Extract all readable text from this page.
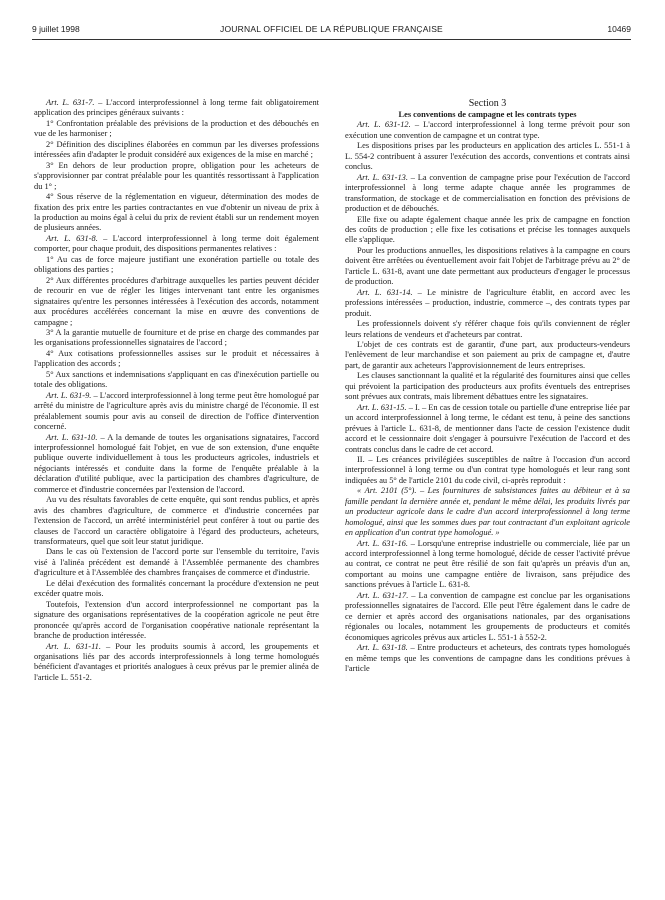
9 juillet 1998	JOURNAL OFFICIEL DE LA RÉPUBLIQUE FRANÇAISE	10469

Art. L. 631-7. – L'accord interprofessionnel à long terme fait obligatoirement application des principes généraux suivants :

1° Confrontation préalable des prévisions de la production et des débouchés en vue de les harmoniser ;

2° Définition des disciplines élaborées en commun par les diverses professions intéressées afin d'adapter le produit considéré aux exigences de la mise en marché ;

3° En dehors de leur production propre, obligation pour les acheteurs de s'approvisionner par contrat préalable pour les quantités ressortissant à l'application du 1° ;

4° Sous réserve de la réglementation en vigueur, détermination des modes de fixation des prix entre les parties contractantes en vue d'obtenir un niveau de prix à la production au moins égal à celui du prix de revient établi sur un rendement moyen de plusieurs années.

Art. L. 631-8. – L'accord interprofessionnel à long terme doit également comporter, pour chaque produit, des dispositions permanentes relatives :

1° Au cas de force majeure justifiant une exonération partielle ou totale des obligations des parties ;

2° Aux différentes procédures d'arbitrage auxquelles les parties peuvent décider de recourir en vue de régler les litiges intervenant tant entre les organismes signataires qu'entre les personnes intéressées à l'exécution des accords, notamment aux procédures accélérées concernant la mise en œuvre des conventions de campagne ;

3° A la garantie mutuelle de fourniture et de prise en charge des commandes par les organisations professionnelles signataires de l'accord ;

4° Aux cotisations professionnelles assises sur le produit et nécessaires à l'application des accords ;

5° Aux sanctions et indemnisations s'appliquant en cas d'inexécution partielle ou totale des obligations.

Art. L. 631-9. – L'accord interprofessionnel à long terme peut être homologué par arrêté du ministre de l'agriculture après avis du ministre chargé de l'économie. Il est préalablement soumis pour avis au conseil de direction de l'office d'intervention concerné.

Art. L. 631-10. – A la demande de toutes les organisations signataires, l'accord interprofessionnel homologué fait l'objet, en vue de son extension, d'une enquête publique ouverte individuellement à tous les producteurs agricoles, industriels et négociants intéressés et conduite dans la forme de l'enquête préalable à la déclaration d'utilité publique, avec la participation des chambres d'agriculture, de commerce et d'industrie concernées par l'extension de l'accord.

Au vu des résultats favorables de cette enquête, qui sont rendus publics, et après avis des chambres d'agriculture, de commerce et d'industrie concernées par l'extension de l'accord, un arrêté interministériel peut conférer à tout ou partie des clauses de l'accord un caractère obligatoire à l'égard des producteurs, acheteurs, transformateurs, quel que soit leur statut juridique.

Dans le cas où l'extension de l'accord porte sur l'ensemble du territoire, l'avis visé à l'alinéa précédent est demandé à l'Assemblée permanente des chambres d'agriculture et à l'Assemblée des chambres françaises de commerce et d'industrie.

Le délai d'exécution des formalités concernant la procédure d'extension ne peut excéder quatre mois.

Toutefois, l'extension d'un accord interprofessionnel ne comportant pas la signature des organisations représentatives de la coopération agricole ne peut être prononcée qu'après accord de l'organisation coopérative nationale représentant la branche de production intéressée.

Art. L. 631-11. – Pour les produits soumis à accord, les groupements et organisations liés par des accords interprofessionnels à long terme homologués bénéficient d'avantages et priorités analogues à ceux prévus par le premier alinéa de l'article L. 551-2.

Section 3

Les conventions de campagne et les contrats types

Art. L. 631-12. – L'accord interprofessionnel à long terme prévoit pour son exécution une convention de campagne et un contrat type.

Les dispositions prises par les producteurs en application des articles L. 551-1 à L. 554-2 contribuent à assurer l'exécution des accords, conventions et contrats ainsi conclus.

Art. L. 631-13. – La convention de campagne prise pour l'exécution de l'accord interprofessionnel à long terme adapte chaque année les programmes de transformation, de stockage et de commercialisation en fonction des prévisions de production et de débouchés.

Elle fixe ou adapte également chaque année les prix de campagne en fonction des coûts de production ; elle fixe les cotisations et précise les tonnages auxquels elle s'applique.

Pour les productions annuelles, les dispositions relatives à la campagne en cours doivent être arrêtées ou éventuellement avoir fait l'objet de l'arbitrage prévu au 2° de l'article L. 631-8, avant une date permettant aux producteurs d'engager le processus de production.

Art. L. 631-14. – Le ministre de l'agriculture établit, en accord avec les professions intéressées – production, industrie, commerce –, des contrats types par produit.

Les professionnels doivent s'y référer chaque fois qu'ils conviennent de régler leurs relations de vendeurs et d'acheteurs par contrat.

L'objet de ces contrats est de garantir, d'une part, aux producteurs-vendeurs l'enlèvement de leur marchandise et son paiement au prix de campagne et, d'autre part, de garantir aux acheteurs l'approvisionnement de leurs entreprises.

Les clauses sanctionnant la qualité et la régularité des fournitures ainsi que celles qui prévoient la participation des producteurs aux profits éventuels des entreprises sont prévues aux contrats, mais librement débattues entre les signataires.

Art. L. 631-15. – I. – En cas de cession totale ou partielle d'une entreprise liée par un accord interprofessionnel à long terme, le cédant est tenu, à peine des sanctions prévues à l'article L. 631-8, de mentionner dans l'acte de cession l'existence dudit accord et le cessionnaire doit s'engager à poursuivre l'exécution de l'accord et des contrats conclus dans le cadre de cet accord.

II. – Les créances privilégiées susceptibles de naître à l'occasion d'un accord interprofessionnel à long terme ou d'un contrat type homologués et leur rang sont indiquées au 5° de l'article 2101 du code civil, ci-après reproduit :

« Art. 2101 (5°). – Les fournitures de subsistances faites au débiteur et à sa famille pendant la dernière année et, pendant le même délai, les produits livrés par un producteur agricole dans le cadre d'un accord interprofessionnel à long terme homologué, ainsi que les sommes dues par tout contractant d'un exploitant agricole en application d'un contrat type homologué. »

Art. L. 631-16. – Lorsqu'une entreprise industrielle ou commerciale, liée par un accord interprofessionnel à long terme homologué, décide de cesser l'activité prévue au contrat, ce contrat ne peut être résilié de son fait qu'après un préavis d'un an, comportant au moins une campagne entière de livraison, sans préjudice des sanctions prévues à l'article L. 631-8.

Art. L. 631-17. – La convention de campagne est conclue par les organisations professionnelles signataires de l'accord. Elle peut l'être également dans le cadre de ce dernier et après accord des organisations nationales, par des organisations régionales ou locales, notamment les groupements de producteurs et comités économiques agricoles prévus aux articles L. 551-1 à 552-2.

Art. L. 631-18. – Entre producteurs et acheteurs, des contrats types homologués en même temps que les conventions de campagne dans les conditions prévues à l'article
